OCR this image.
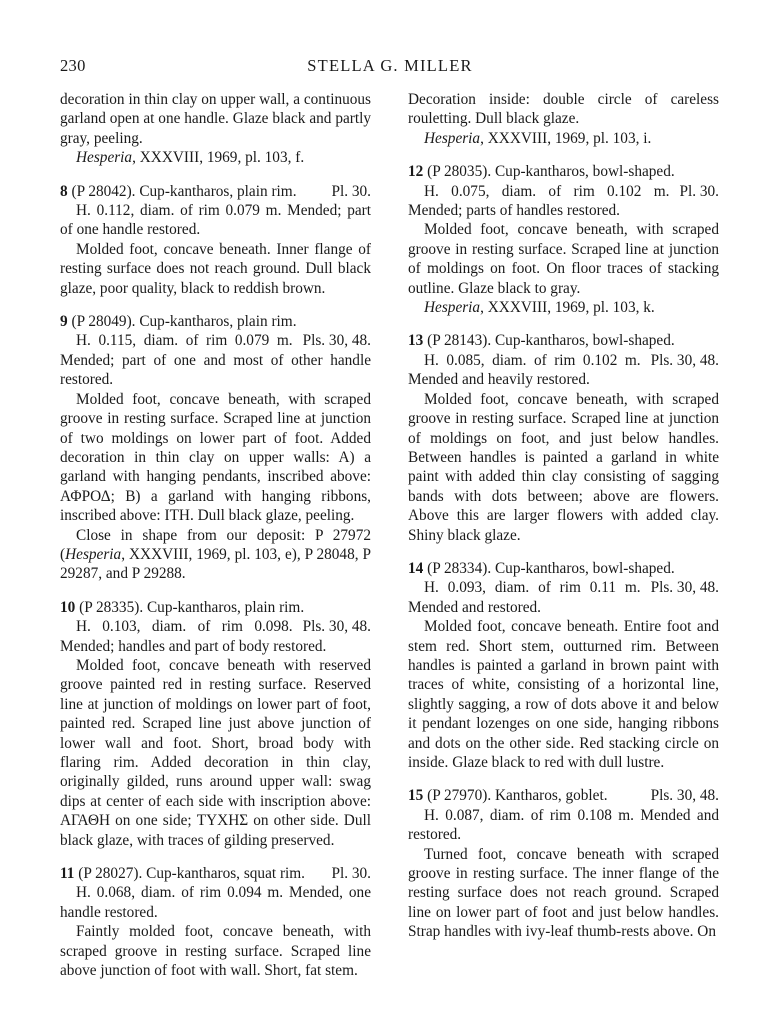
230	STELLA G. MILLER

decoration in thin clay on upper wall, a continuous garland open at one handle. Glaze black and partly gray, peeling.

Hesperia, XXXVIII, 1969, pl. 103, f.

8 (P 28042). Cup-kantharos, plain rim. Pl. 30.

H. 0.112, diam. of rim 0.079 m. Mended; part of one handle restored.

Molded foot, concave beneath. Inner flange of resting surface does not reach ground. Dull black glaze, poor quality, black to reddish brown.

9 (P 28049). Cup-kantharos, plain rim.
Pls. 30, 48.

H. 0.115, diam. of rim 0.079 m. Mended; part of one and most of other handle restored.

Molded foot, concave beneath, with scraped groove in resting surface. Scraped line at junction of two moldings on lower part of foot. Added decoration in thin clay on upper walls: A) a garland with hanging pendants, inscribed above: ΑΦΡΟΔ; B) a garland with hanging ribbons, inscribed above: ΙΤΗ. Dull black glaze, peeling.

Close in shape from our deposit: P 27972 (Hesperia, XXXVIII, 1969, pl. 103, e), P 28048, P 29287, and P 29288.

10 (P 28335). Cup-kantharos, plain rim.
Pls. 30, 48.

H. 0.103, diam. of rim 0.098. Mended; handles and part of body restored.

Molded foot, concave beneath with reserved groove painted red in resting surface. Reserved line at junction of moldings on lower part of foot, painted red. Scraped line just above junction of lower wall and foot. Short, broad body with flaring rim. Added decoration in thin clay, originally gilded, runs around upper wall: swag dips at center of each side with inscription above: ΑΓΑΘΗ on one side; ΤΥΧΗΣ on other side. Dull black glaze, with traces of gilding preserved.

11 (P 28027). Cup-kantharos, squat rim. Pl. 30.

H. 0.068, diam. of rim 0.094 m. Mended, one handle restored.

Faintly molded foot, concave beneath, with scraped groove in resting surface. Scraped line above junction of foot with wall. Short, fat stem.

Decoration inside: double circle of careless rouletting. Dull black glaze.

Hesperia, XXXVIII, 1969, pl. 103, i.

12 (P 28035). Cup-kantharos, bowl-shaped.
Pl. 30.

H. 0.075, diam. of rim 0.102 m. Mended; parts of handles restored.

Molded foot, concave beneath, with scraped groove in resting surface. Scraped line at junction of moldings on foot. On floor traces of stacking outline. Glaze black to gray.

Hesperia, XXXVIII, 1969, pl. 103, k.

13 (P 28143). Cup-kantharos, bowl-shaped.
Pls. 30, 48.

H. 0.085, diam. of rim 0.102 m. Mended and heavily restored.

Molded foot, concave beneath, with scraped groove in resting surface. Scraped line at junction of moldings on foot, and just below handles. Between handles is painted a garland in white paint with added thin clay consisting of sagging bands with dots between; above are flowers. Above this are larger flowers with added clay. Shiny black glaze.

14 (P 28334). Cup-kantharos, bowl-shaped.
Pls. 30, 48.

H. 0.093, diam. of rim 0.11 m. Mended and restored.

Molded foot, concave beneath. Entire foot and stem red. Short stem, outturned rim. Between handles is painted a garland in brown paint with traces of white, consisting of a horizontal line, slightly sagging, a row of dots above it and below it pendant lozenges on one side, hanging ribbons and dots on the other side. Red stacking circle on inside. Glaze black to red with dull lustre.

15 (P 27970). Kantharos, goblet.	Pls. 30, 48.

H. 0.087, diam. of rim 0.108 m. Mended and restored.

Turned foot, concave beneath with scraped groove in resting surface. The inner flange of the resting surface does not reach ground. Scraped line on lower part of foot and just below handles. Strap handles with ivy-leaf thumb-rests above. On
